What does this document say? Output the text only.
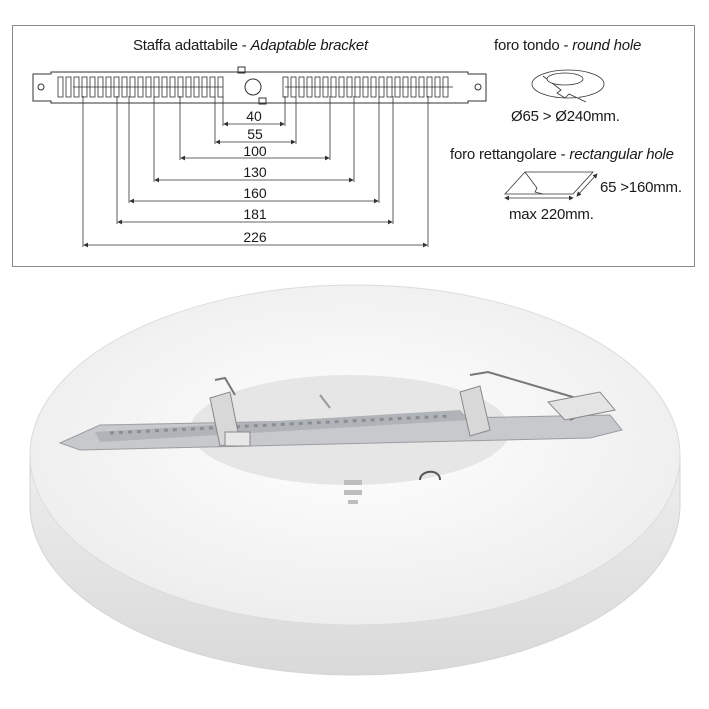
Staffa adattabile - Adaptable bracket	foro tondo - round hole
Ø65 > Ø240mm.
foro rettangolare - rectangular hole
65 >160mm.
max 220mm.
40
55
100
130
160
181
226
